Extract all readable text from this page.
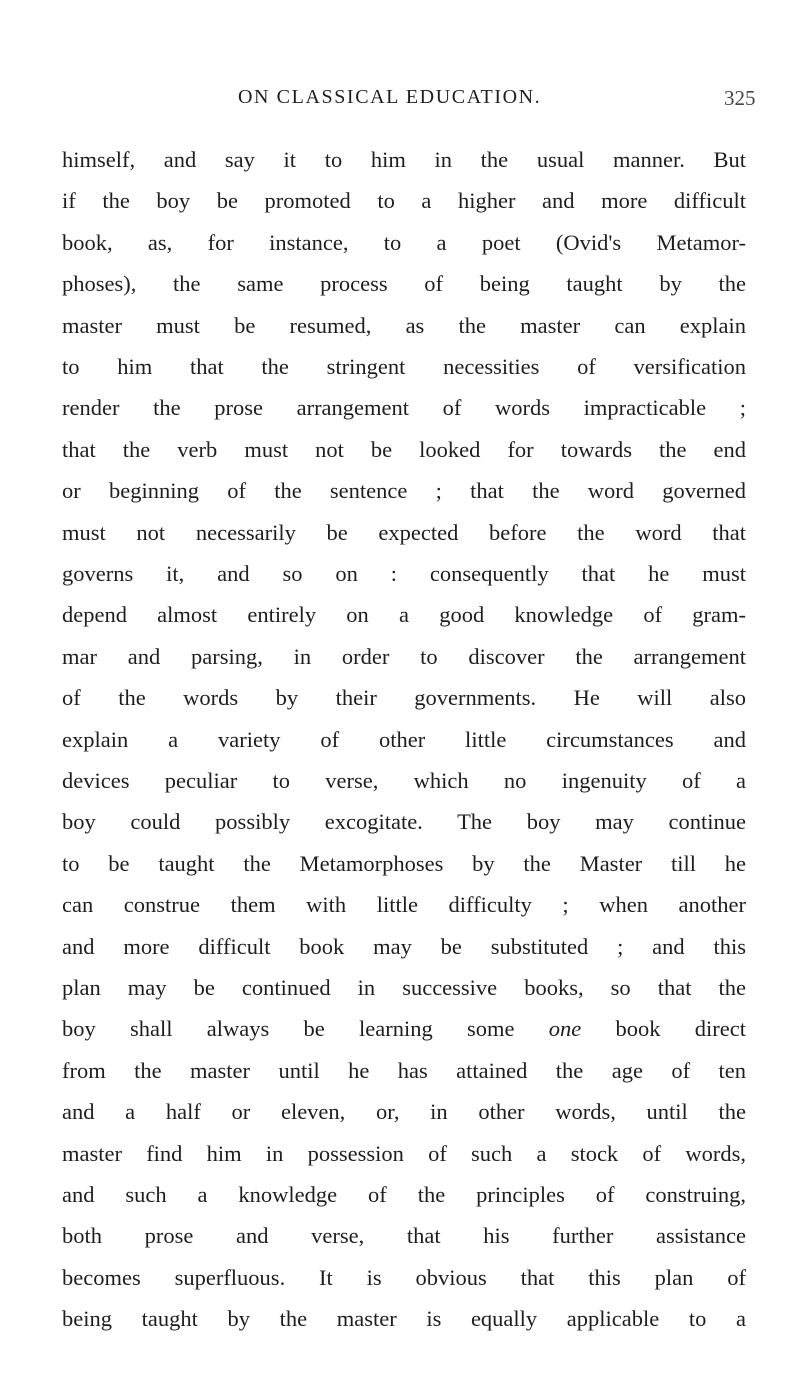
ON CLASSICAL EDUCATION.	325
himself, and say it to him in the usual manner. But
if the boy be promoted to a higher and more difficult
book, as, for instance, to a poet (Ovid's Metamor-
phoses), the same process of being taught by the
master must be resumed, as the master can explain
to him that the stringent necessities of versification
render the prose arrangement of words impracticable ;
that the verb must not be looked for towards the end
or beginning of the sentence ; that the word governed
must not necessarily be expected before the word that
governs it, and so on : consequently that he must
depend almost entirely on a good knowledge of gram-
mar and parsing, in order to discover the arrangement
of the words by their governments. He will also
explain a variety of other little circumstances and
devices peculiar to verse, which no ingenuity of a
boy could possibly excogitate. The boy may continue
to be taught the Metamorphoses by the Master till he
can construe them with little difficulty ; when another
and more difficult book may be substituted ; and this
plan may be continued in successive books, so that the
boy shall always be learning some one book direct
from the master until he has attained the age of ten
and a half or eleven, or, in other words, until the
master find him in possession of such a stock of words,
and such a knowledge of the principles of construing,
both prose and verse, that his further assistance
becomes superfluous. It is obvious that this plan of
being taught by the master is equally applicable to a
